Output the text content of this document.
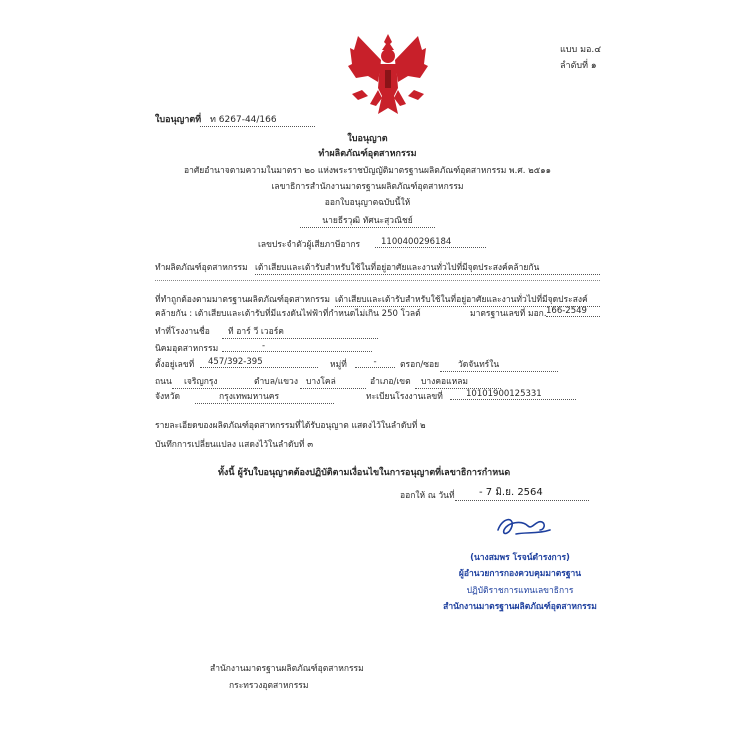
แบบ มอ.๔
ลำดับที่ ๑
ใบอนุญาตที่ ท 6267-44/166
ใบอนุญาต
ทำผลิตภัณฑ์อุตสาหกรรม
อาศัยอำนาจตามความในมาตรา ๒๐ แห่งพระราชบัญญัติมาตรฐานผลิตภัณฑ์อุตสาหกรรม พ.ศ. ๒๕๑๑
เลขาธิการสำนักงานมาตรฐานผลิตภัณฑ์อุตสาหกรรม
ออกใบอนุญาตฉบับนี้ให้
นายธีรวุฒิ ทัศนะสุวณิชย์
เลขประจำตัวผู้เสียภาษีอากร	1100400296184
ทำผลิตภัณฑ์อุตสาหกรรม เต้าเสียบและเต้ารับสำหรับใช้ในที่อยู่อาศัยและงานทั่วไปที่มีจุดประสงค์คล้ายกัน
ที่ทำถูกต้องตามมาตรฐานผลิตภัณฑ์อุตสาหกรรม เต้าเสียบและเต้ารับสำหรับใช้ในที่อยู่อาศัยและงานทั่วไปที่มีจุดประสงค์
คล้ายกัน : เต้าเสียบและเต้ารับที่มีแรงดันไฟฟ้าที่กำหนดไม่เกิน 250 โวลต์	มาตรฐานเลขที่ มอก. 166-2549
ทำที่โรงงานชื่อ	ที อาร์ วี เวอร์ค
นิคมอุตสาหกรรม	-
ตั้งอยู่เลขที่	457/392-395	หมู่ที่	-	ตรอก/ซอย	วัดจันทร์ใน
ถนน	เจริญกรุง	ตำบล/แขวง บางโคล่	อำเภอ/เขต	บางคอแหลม
จังหวัด	กรุงเทพมหานคร	ทะเบียนโรงงานเลขที่	10101900125331
รายละเอียดของผลิตภัณฑ์อุตสาหกรรมที่ได้รับอนุญาต แสดงไว้ในลำดับที่ ๒
บันทึกการเปลี่ยนแปลง แสดงไว้ในลำดับที่ ๓
ทั้งนี้ ผู้รับใบอนุญาตต้องปฏิบัติตามเงื่อนไขในการอนุญาตที่เลขาธิการกำหนด
ออกให้ ณ วันที่	- 7 มิ.ย. 2564
(นางสมพร โรจน์ดำรงการ)
ผู้อำนวยการกองควบคุมมาตรฐาน
ปฏิบัติราชการแทนเลขาธิการ
สำนักงานมาตรฐานผลิตภัณฑ์อุตสาหกรรม
สำนักงานมาตรฐานผลิตภัณฑ์อุตสาหกรรม
กระทรวงอุตสาหกรรม
